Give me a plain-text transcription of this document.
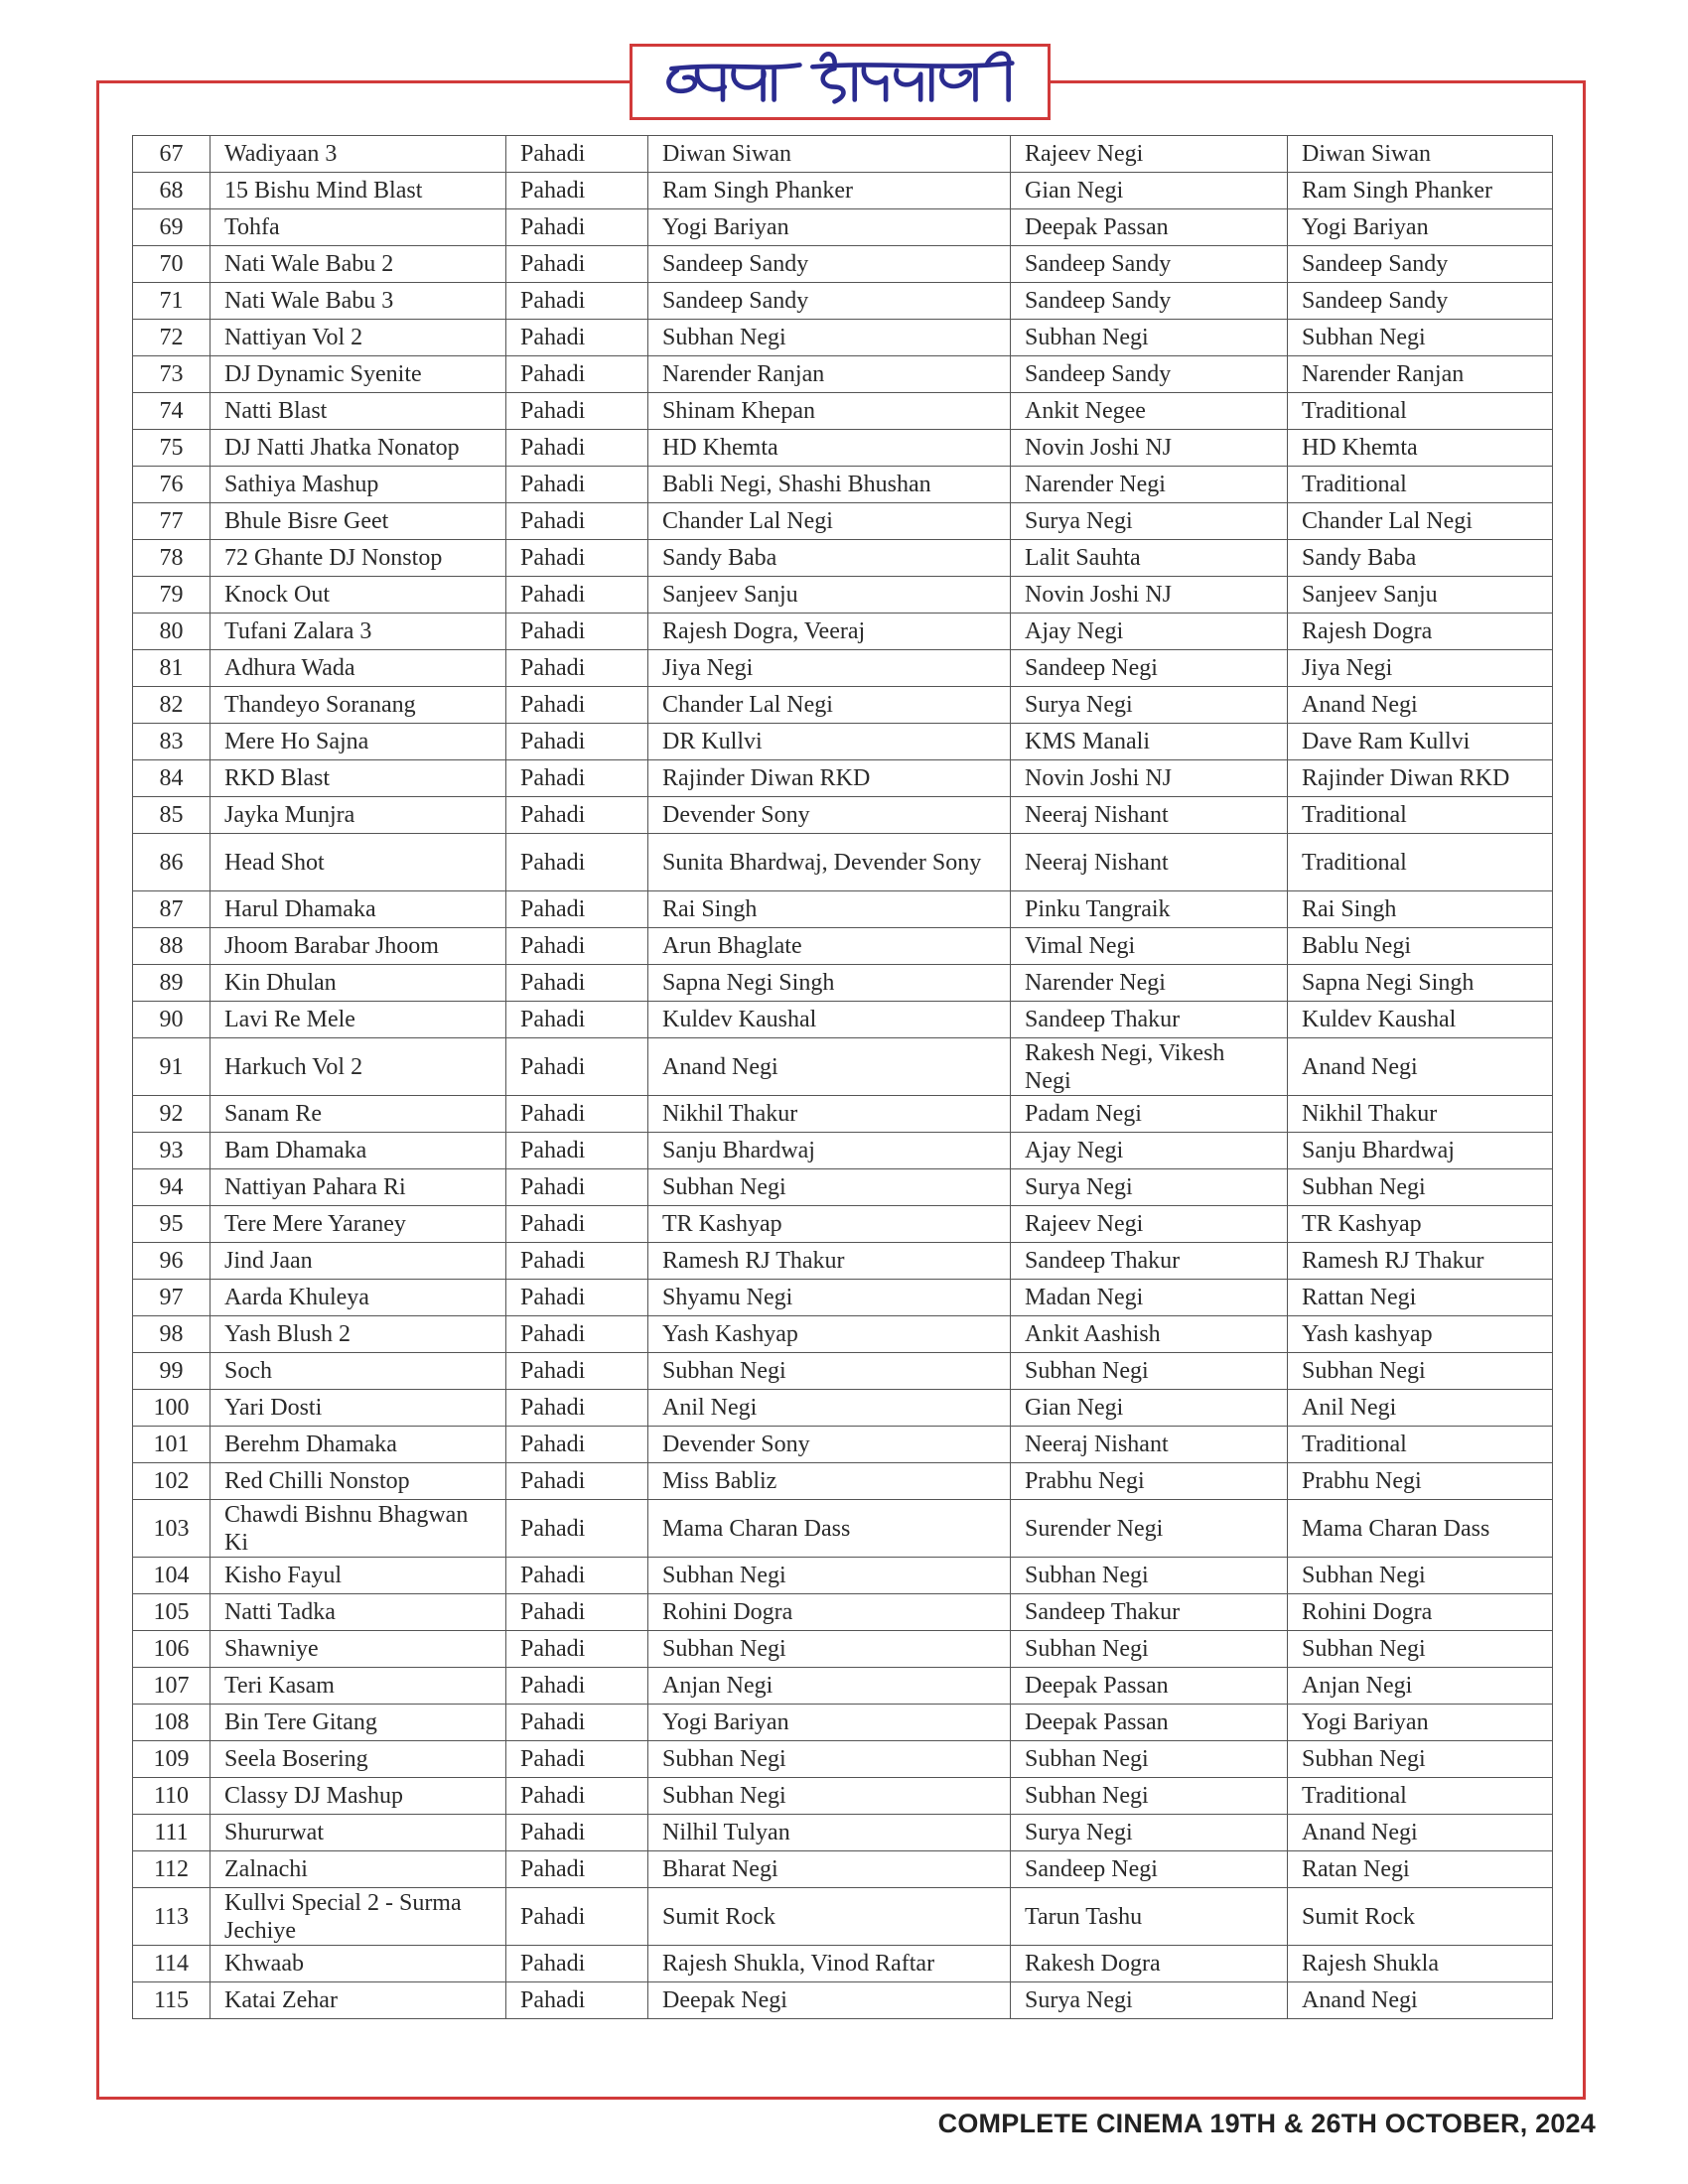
67	Wadiyaan 3	Pahadi	Diwan Siwan	Rajeev Negi	Diwan Siwan
68	15 Bishu Mind Blast	Pahadi	Ram Singh Phanker	Gian Negi	Ram Singh Phanker
69	Tohfa	Pahadi	Yogi Bariyan	Deepak Passan	Yogi Bariyan
70	Nati Wale Babu 2	Pahadi	Sandeep Sandy	Sandeep Sandy	Sandeep Sandy
71	Nati Wale Babu 3	Pahadi	Sandeep Sandy	Sandeep Sandy	Sandeep Sandy
72	Nattiyan Vol 2	Pahadi	Subhan Negi	Subhan Negi	Subhan Negi
73	DJ Dynamic Syenite	Pahadi	Narender Ranjan	Sandeep Sandy	Narender Ranjan
74	Natti Blast	Pahadi	Shinam Khepan	Ankit Negee	Traditional
75	DJ Natti Jhatka Nonatop	Pahadi	HD Khemta	Novin Joshi NJ	HD Khemta
76	Sathiya Mashup	Pahadi	Babli Negi, Shashi Bhushan	Narender Negi	Traditional
77	Bhule Bisre Geet	Pahadi	Chander Lal Negi	Surya Negi	Chander Lal Negi
78	72 Ghante DJ Nonstop	Pahadi	Sandy Baba	Lalit Sauhta	Sandy Baba
79	Knock Out	Pahadi	Sanjeev Sanju	Novin Joshi NJ	Sanjeev Sanju
80	Tufani Zalara 3	Pahadi	Rajesh Dogra, Veeraj	Ajay Negi	Rajesh Dogra
81	Adhura Wada	Pahadi	Jiya Negi	Sandeep Negi	Jiya Negi
82	Thandeyo Soranang	Pahadi	Chander Lal Negi	Surya Negi	Anand Negi
83	Mere Ho Sajna	Pahadi	DR Kullvi	KMS Manali	Dave Ram Kullvi
84	RKD Blast	Pahadi	Rajinder Diwan RKD	Novin Joshi NJ	Rajinder Diwan RKD
85	Jayka Munjra	Pahadi	Devender Sony	Neeraj Nishant	Traditional
86	Head Shot	Pahadi	Sunita Bhardwaj, Devender Sony	Neeraj Nishant	Traditional
87	Harul Dhamaka	Pahadi	Rai Singh	Pinku Tangraik	Rai Singh
88	Jhoom Barabar Jhoom	Pahadi	Arun Bhaglate	Vimal Negi	Bablu Negi
89	Kin Dhulan	Pahadi	Sapna Negi Singh	Narender Negi	Sapna Negi Singh
90	Lavi Re Mele	Pahadi	Kuldev Kaushal	Sandeep Thakur	Kuldev Kaushal
91	Harkuch Vol 2	Pahadi	Anand Negi	Rakesh Negi, Vikesh Negi	Anand Negi
92	Sanam Re	Pahadi	Nikhil Thakur	Padam Negi	Nikhil Thakur
93	Bam Dhamaka	Pahadi	Sanju Bhardwaj	Ajay Negi	Sanju Bhardwaj
94	Nattiyan Pahara Ri	Pahadi	Subhan Negi	Surya Negi	Subhan Negi
95	Tere Mere Yaraney	Pahadi	TR Kashyap	Rajeev Negi	TR Kashyap
96	Jind Jaan	Pahadi	Ramesh RJ Thakur	Sandeep Thakur	Ramesh RJ Thakur
97	Aarda Khuleya	Pahadi	Shyamu Negi	Madan Negi	Rattan Negi
98	Yash Blush 2	Pahadi	Yash Kashyap	Ankit Aashish	Yash kashyap
99	Soch	Pahadi	Subhan Negi	Subhan Negi	Subhan Negi
100	Yari Dosti	Pahadi	Anil Negi	Gian Negi	Anil Negi
101	Berehm Dhamaka	Pahadi	Devender Sony	Neeraj Nishant	Traditional
102	Red Chilli Nonstop	Pahadi	Miss Babliz	Prabhu Negi	Prabhu Negi
103	Chawdi Bishnu Bhagwan Ki	Pahadi	Mama Charan Dass	Surender Negi	Mama Charan Dass
104	Kisho Fayul	Pahadi	Subhan Negi	Subhan Negi	Subhan Negi
105	Natti Tadka	Pahadi	Rohini Dogra	Sandeep Thakur	Rohini Dogra
106	Shawniye	Pahadi	Subhan Negi	Subhan Negi	Subhan Negi
107	Teri Kasam	Pahadi	Anjan Negi	Deepak Passan	Anjan Negi
108	Bin Tere Gitang	Pahadi	Yogi Bariyan	Deepak Passan	Yogi Bariyan
109	Seela Bosering	Pahadi	Subhan Negi	Subhan Negi	Subhan Negi
110	Classy DJ Mashup	Pahadi	Subhan Negi	Subhan Negi	Traditional
111	Shururwat	Pahadi	Nilhil Tulyan	Surya Negi	Anand Negi
112	Zalnachi	Pahadi	Bharat Negi	Sandeep Negi	Ratan Negi
113	Kullvi Special 2 - Surma Jechiye	Pahadi	Sumit Rock	Tarun Tashu	Sumit Rock
114	Khwaab	Pahadi	Rajesh Shukla, Vinod Raftar	Rakesh Dogra	Rajesh Shukla
115	Katai Zehar	Pahadi	Deepak Negi	Surya Negi	Anand Negi
COMPLETE CINEMA 19TH & 26TH OCTOBER, 2024
